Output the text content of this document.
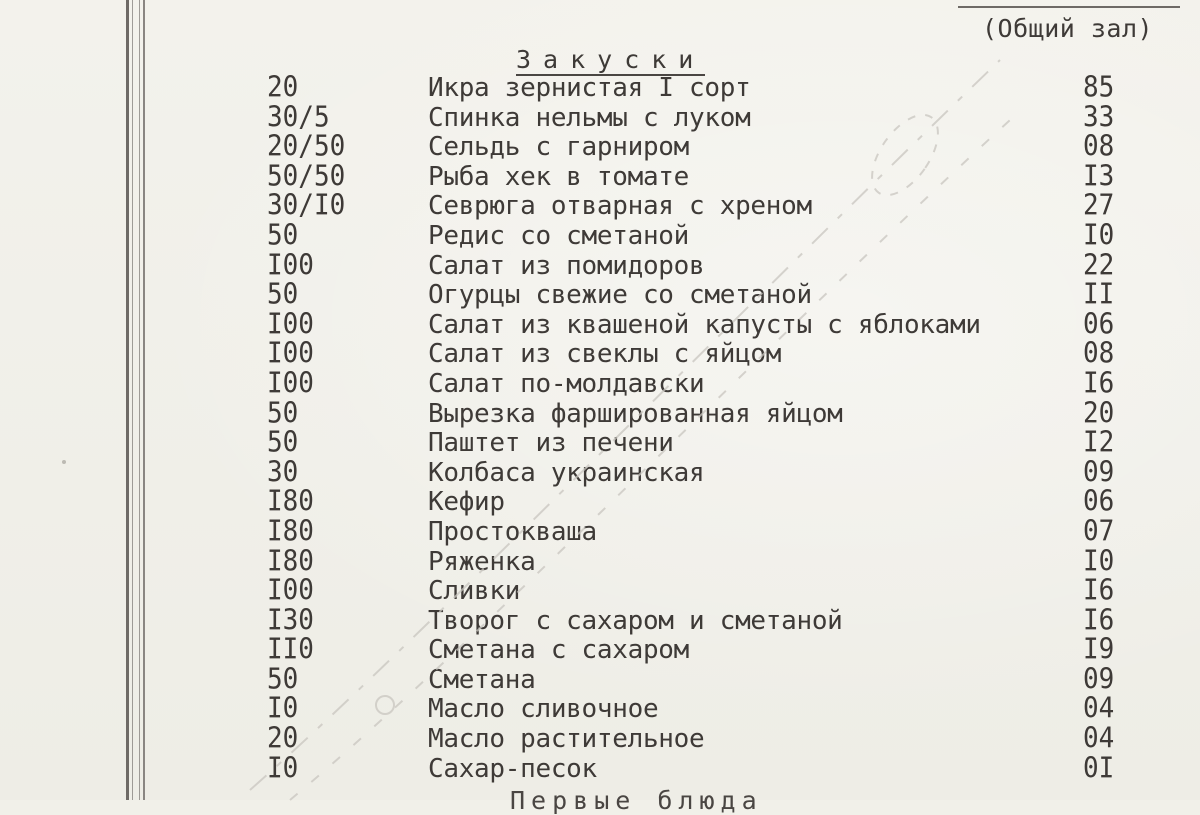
(Общий зал)
Закуски
20	Икра зернистая I сорт	85
30/5	Спинка нельмы с луком	33
20/50	Сельдь с гарниром	08
50/50	Рыба хек в томате	I3
30/I0	Севрюга отварная с хреном	27
50	Редис со сметаной	I0
I00	Салат из помидоров	22
50	Огурцы свежие со сметаной	II
I00	Салат из квашеной капусты с яблоками	06
I00	Салат из свеклы с яйцом	08
I00	Салат по-молдавски	I6
50	Вырезка фаршированная яйцом	20
50	Паштет из печени	I2
30	Колбаса украинская	09
I80	Кефир	06
I80	Простокваша	07
I80	Ряженка	I0
I00	Сливки	I6
I30	Творог с сахаром и сметаной	I6
II0	Сметана с сахаром	I9
50	Сметана	09
I0	Масло сливочное	04
20	Масло растительное	04
I0	Сахар-песок	0I
Первые блюда
